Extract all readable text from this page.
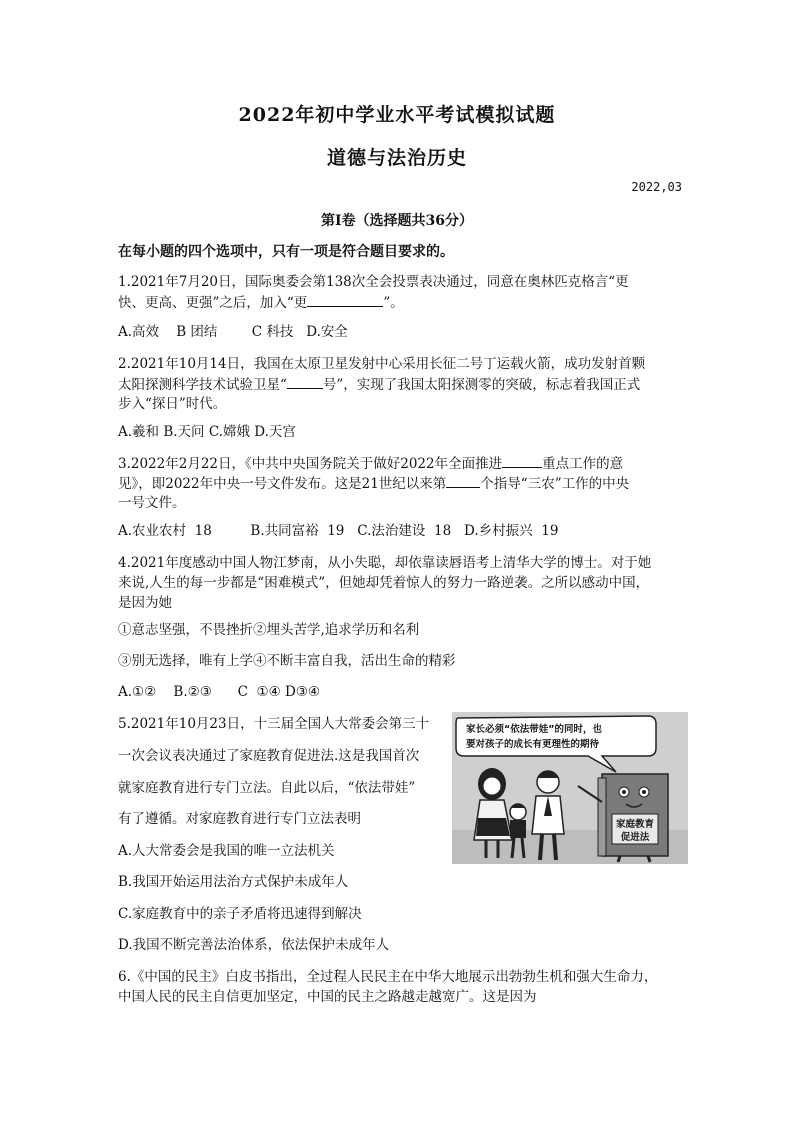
2022年初中学业水平考试模拟试题
道德与法治历史
2022,03
第Ⅰ卷（选择题共36分）
在每小题的四个选项中，只有一项是符合题目要求的。
1.2021年7月20日，国际奥委会第138次全会投票表决通过，同意在奥林匹克格言“更
快、更高、更强”之后，加入“更	”。
A.高效    B 团结        C 科技   D.安全
2.2021年10月14日，我国在太原卫星发射中心采用长征二号丁运载火箭，成功发射首颗
太阳探测科学技术试验卫星“	号”，实现了我国太阳探测零的突破，标志着我国正式
步入“探日”时代。
A.羲和 B.天问 C.嫦娥 D.天宫
3.2022年2月22日，《中共中央国务院关于做好2022年全面推进	重点工作的意
见》，即2022年中央一号文件发布。这是21世纪以来第	个指导“三农”工作的中央
一号文件。
A.农业农村  18         B.共同富裕  19   C.法治建设  18   D.乡村振兴  19
4.2021年度感动中国人物江梦南，从小失聪，却依靠读唇语考上清华大学的博士。对于她
来说,人生的每一步都是“困难模式”，但她却凭着惊人的努力一路逆袭。之所以感动中国，
是因为她
①意志坚强，不畏挫折②埋头苦学,追求学历和名利
③别无选择，唯有上学④不断丰富自我，活出生命的精彩
A.①②    B.②③      C  ①④ D③④
5.2021年10月23日，十三届全国人大常委会第三十
一次会议表决通过了家庭教育促进法.这是我国首次
就家庭教育进行专门立法。自此以后，“依法带娃”
有了遵循。对家庭教育进行专门立法表明
A.人大常委会是我国的唯一立法机关
B.我国开始运用法治方式保护未成年人
C.家庭教育中的亲子矛盾将迅速得到解决
D.我国不断完善法治体系，依法保护未成年人
家长必须“依法带娃”的同时，也
要对孩子的成长有更理性的期待
家庭教育
促进法
6.《中国的民主》白皮书指出，全过程人民民主在中华大地展示出勃勃生机和强大生命力，
中国人民的民主自信更加坚定，中国的民主之路越走越宽广。这是因为
